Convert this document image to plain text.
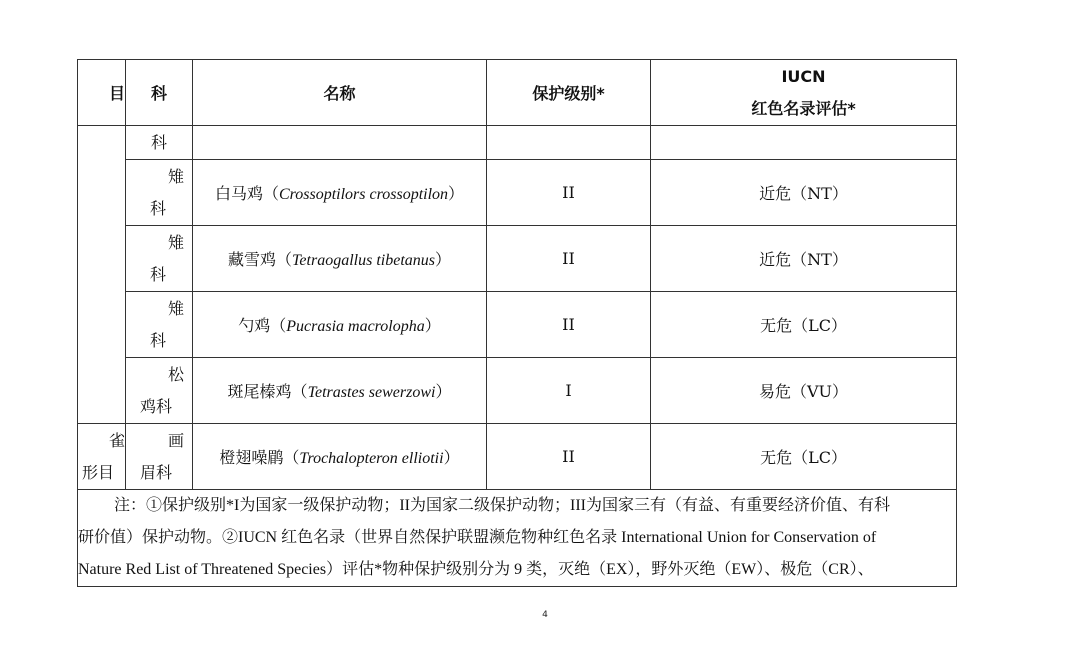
目	科	名称	保护级别*	IUCN
红色名录评估*

	科			

	雉
科	白马鸡（Crossoptilors crossoptilon）	II	近危（NT）

	雉
科	藏雪鸡（Tetraogallus tibetanus）	II	近危（NT）

	雉
科	勺鸡（Pucrasia macrolopha）	II	无危（LC）

	松
鸡科	斑尾榛鸡（Tetrastes sewerzowi）	I	易危（VU）

雀
形目	画
眉科	橙翅噪鹛（Trochalopteron elliotii）	II	无危（LC）

注：①保护级别*I为国家一级保护动物；II为国家二级保护动物；III为国家三有（有益、有重要经济价值、有科

研价值）保护动物。②IUCN 红色名录（世界自然保护联盟濒危物种红色名录 International Union for Conservation of

Nature Red List of Threatened Species）评估*物种保护级别分为 9 类，灭绝（EX），野外灭绝（EW）、极危（CR）、				

4
